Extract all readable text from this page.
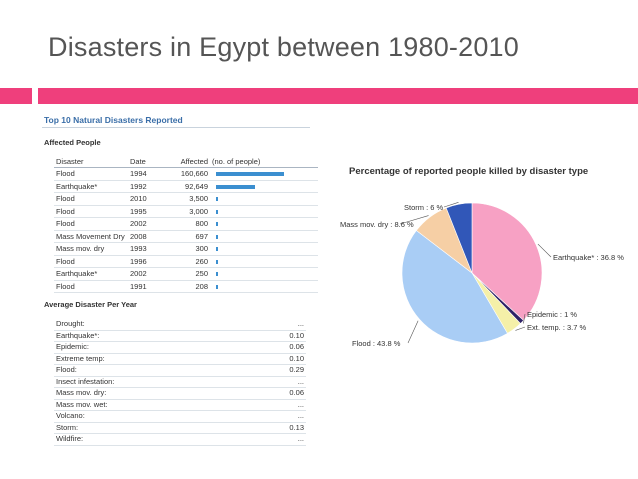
Disasters in Egypt between 1980-2010
Top 10 Natural Disasters Reported
Affected People
Disaster	Date	Affected	(no. of people)
Flood	1994	160,660	
Earthquake*	1992	92,649	
Flood	2010	3,500	
Flood	1995	3,000	
Flood	2002	800	
Mass Movement Dry	2008	697	
Mass mov. dry	1993	300	
Flood	1996	260	
Earthquake*	2002	250	
Flood	1991	208	
Average Disaster Per Year
Drought:	...
Earthquake*:	0.10
Epidemic:	0.06
Extreme temp:	0.10
Flood:	0.29
Insect infestation:	...
Mass mov. dry:	0.06
Mass mov. wet:	...
Volcano:	...
Storm:	0.13
Wildfire:	...
Percentage of reported people killed by disaster type
Earthquake* : 36.8 %
Epidemic : 1 %
Ext. temp. : 3.7 %
Flood : 43.8 %
Mass mov. dry : 8.6 %
Storm : 6 %
